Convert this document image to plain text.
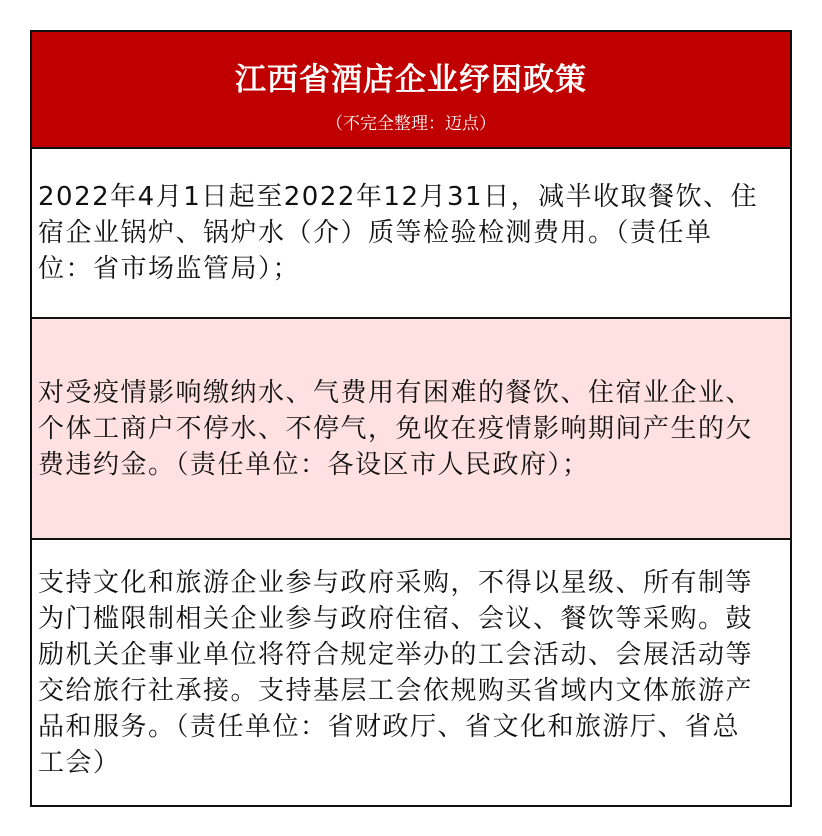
江西省酒店企业纾困政策
（不完全整理：迈点）
2022年4月1日起至2022年12月31日，减半收取餐饮、住
宿企业锅炉、锅炉水（介）质等检验检测费用。（责任单
位：省市场监管局）；
对受疫情影响缴纳水、气费用有困难的餐饮、住宿业企业、
个体工商户不停水、不停气，免收在疫情影响期间产生的欠
费违约金。（责任单位：各设区市人民政府）；
支持文化和旅游企业参与政府采购，不得以星级、所有制等
为门槛限制相关企业参与政府住宿、会议、餐饮等采购。鼓
励机关企事业单位将符合规定举办的工会活动、会展活动等
交给旅行社承接。支持基层工会依规购买省域内文体旅游产
品和服务。（责任单位：省财政厅、省文化和旅游厅、省总
工会）
